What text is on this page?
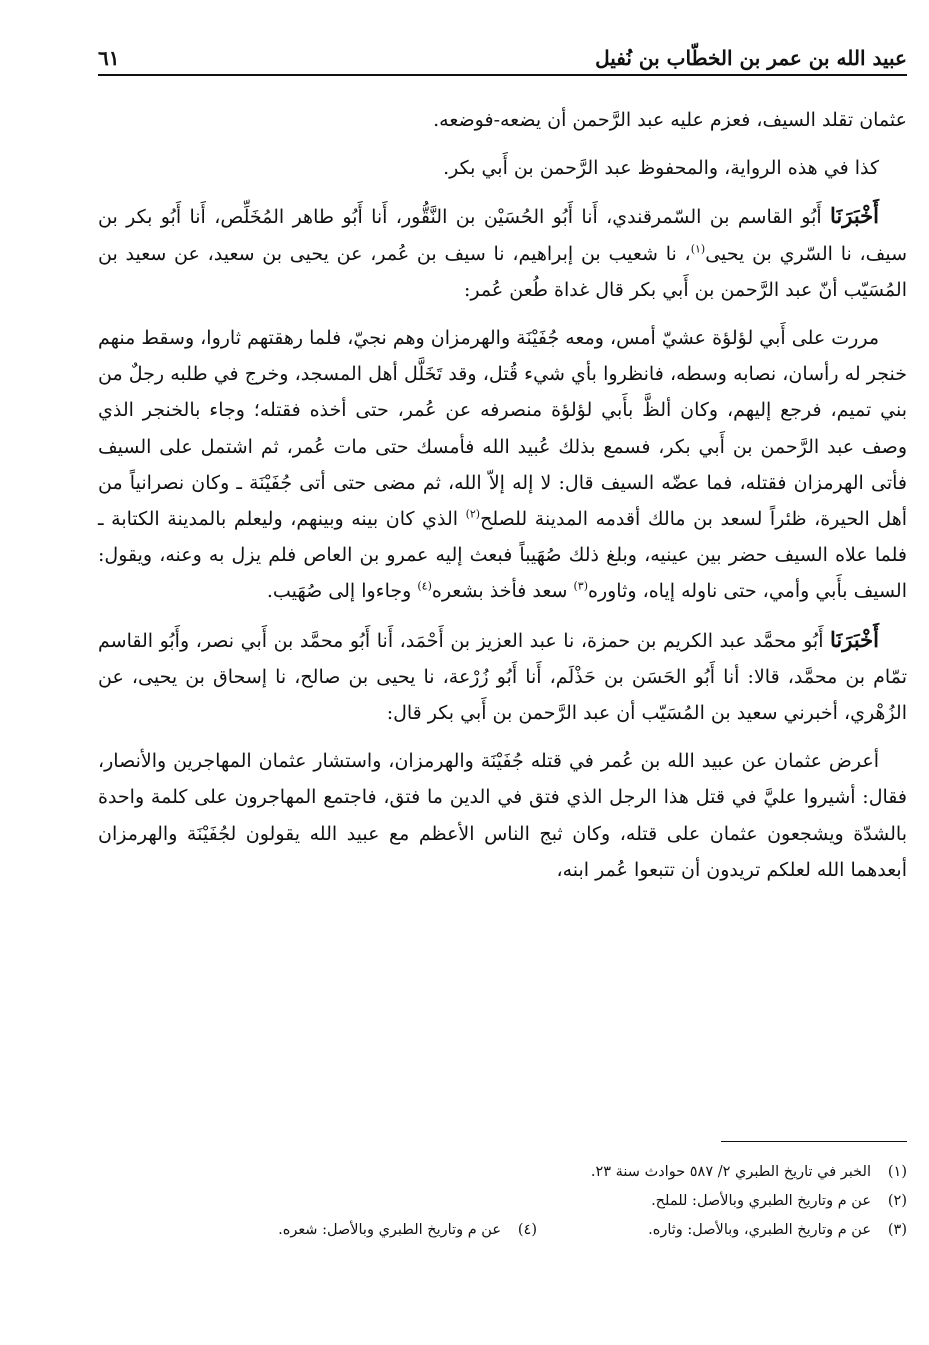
عبيد الله بن عمر بن الخطّاب بن نُفيل
٦١

عثمان تقلد السيف، فعزم عليه عبد الرَّحمن أن يضعه-فوضعه.

كذا في هذه الرواية، والمحفوظ عبد الرَّحمن بن أَبي بكر.

أَخْبَرَنَا أَبُو القاسم بن السّمرقندي، أَنا أَبُو الحُسَيْن بن النَّقُّور، أَنا أَبُو طاهر المُخَلِّص، أَنا أَبُو بكر بن سيف، نا السّري بن يحيى$^{(١)}$، نا شعيب بن إبراهيم، نا سيف بن عُمر، عن يحيى بن سعيد، عن سعيد بن المُسَيّب أنّ عبد الرَّحمن بن أَبي بكر قال غداة طُعن عُمر:

مررت على أَبي لؤلؤة عشيّ أمس، ومعه جُفَيْنَة والهرمزان وهم نجيّ، فلما رهقتهم ثاروا، وسقط منهم خنجر له رأسان، نصابه وسطه، فانظروا بأي شيء قُتل، وقد تَخَلَّل أهل المسجد، وخرج في طلبه رجلٌ من بني تميم، فرجع إليهم، وكان ألظَّ بأَبي لؤلؤة منصرفه عن عُمر، حتى أخذه فقتله؛ وجاء بالخنجر الذي وصف عبد الرَّحمن بن أَبي بكر، فسمع بذلك عُبيد الله فأمسك حتى مات عُمر، ثم اشتمل على السيف فأتى الهرمزان فقتله، فما عضّه السيف قال: لا إله إلاّ الله، ثم مضى حتى أتى جُفَيْنَة ـ وكان نصرانياً من أهل الحيرة، ظئراً لسعد بن مالك أقدمه المدينة للصلح$^{(٢)}$ الذي كان بينه وبينهم، وليعلم بالمدينة الكتابة ـ فلما علاه السيف حضر بين عينيه، وبلغ ذلك صُهَيباً فبعث إليه عمرو بن العاص فلم يزل به وعنه، ويقول: السيف بأَبي وأمي، حتى ناوله إياه، وثاوره$^{(٣)}$ سعد فأخذ بشعره$^{(٤)}$ وجاءوا إلى صُهَيب.

أَخْبَرَنَا أَبُو محمَّد عبد الكريم بن حمزة، نا عبد العزيز بن أَحْمَد، أَنا أَبُو محمَّد بن أَبي نصر، وأَبُو القاسم تمّام بن محمَّد، قالا: أنا أَبُو الحَسَن بن حَذْلَم، أَنا أَبُو زُرْعة، نا يحيى بن صالح، نا إسحاق بن يحيى، عن الزُهْري، أخبرني سعيد بن المُسَيّب أن عبد الرَّحمن بن أَبي بكر قال:

أعرض عثمان عن عبيد الله بن عُمر في قتله جُفَيْنَة والهرمزان، واستشار عثمان المهاجرين والأنصار، فقال: أشيروا عليَّ في قتل هذا الرجل الذي فتق في الدين ما فتق، فاجتمع المهاجرون على كلمة واحدة بالشدّة ويشجعون عثمان على قتله، وكان ثبج الناس الأعظم مع عبيد الله يقولون لجُفَيْنَة والهرمزان أبعدهما الله لعلكم تريدون أن تتبعوا عُمر ابنه،

(١)
الخبر في تاريخ الطبري ٢/ ٥٨٧ حوادث سنة ٢٣.
(٢)
عن م وتاريخ الطبري وبالأصل: للملح.
(٣)
عن م وتاريخ الطبري، وبالأصل: وثاره.
(٤)
عن م وتاريخ الطبري وبالأصل: شعره.
